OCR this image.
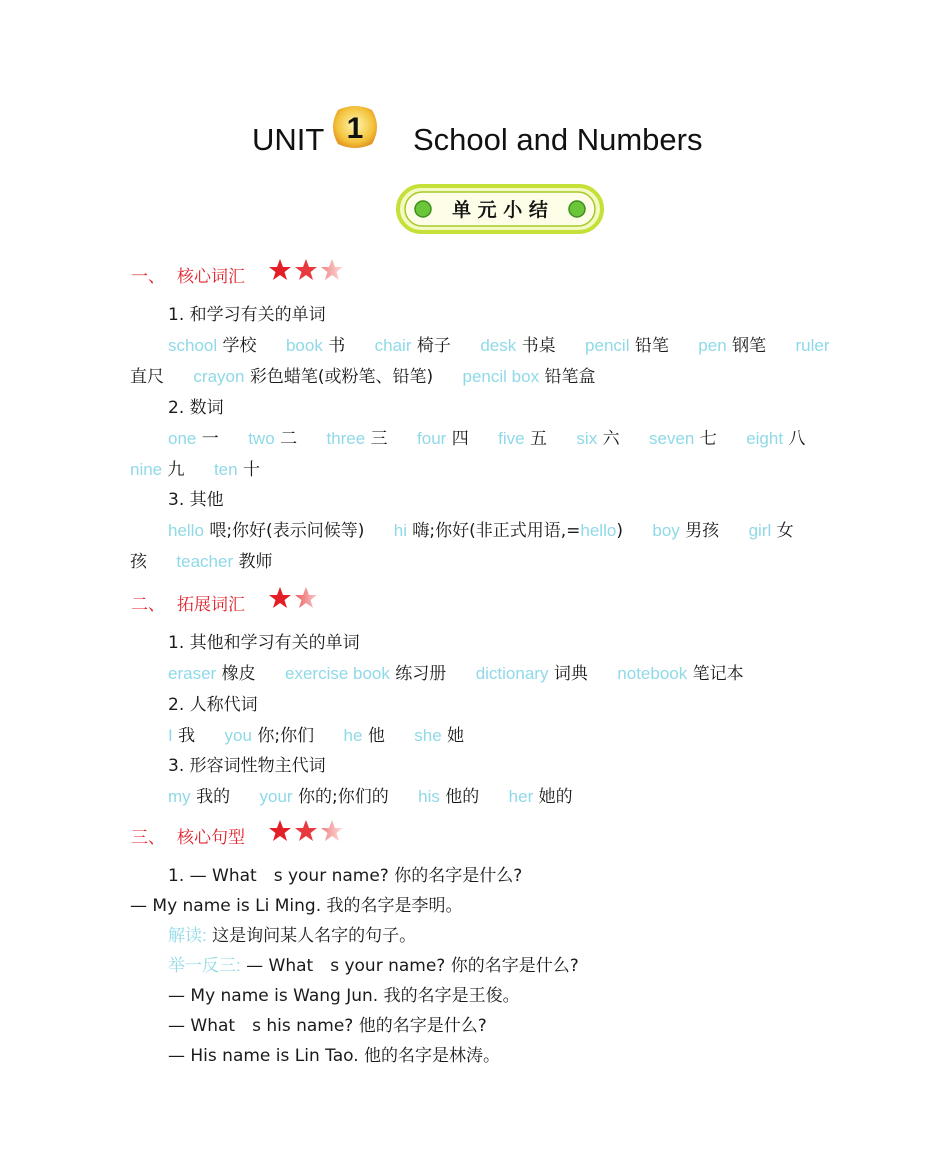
UNIT 1 School and Numbers
单 元 小 结
一、 核心词汇
1. 和学习有关的单词
school 学校 book 书 chair 椅子 desk 书桌 pencil 铅笔 pen 钢笔 ruler
直尺 crayon 彩色蜡笔(或粉笔、铅笔) pencil box 铅笔盒
2. 数词
one 一 two 二 three 三 four 四 five 五 six 六 seven 七 eight 八
nine 九 ten 十
3. 其他
hello 喂;你好(表示问候等) hi 嗨;你好(非正式用语,=hello) boy 男孩 girl 女
孩 teacher 教师
二、 拓展词汇
1. 其他和学习有关的单词
eraser 橡皮 exercise book 练习册 dictionary 词典 notebook 笔记本
2. 人称代词
I 我 you 你;你们 he 他 she 她
3. 形容词性物主代词
my 我的 your 你的;你们的 his 他的 her 她的
三、 核心句型
1. — What s your name? 你的名字是什么?
— My name is Li Ming. 我的名字是李明。
解读: 这是询问某人名字的句子。
举一反三: — What s your name? 你的名字是什么?
— My name is Wang Jun. 我的名字是王俊。
— What s his name? 他的名字是什么?
— His name is Lin Tao. 他的名字是林涛。
